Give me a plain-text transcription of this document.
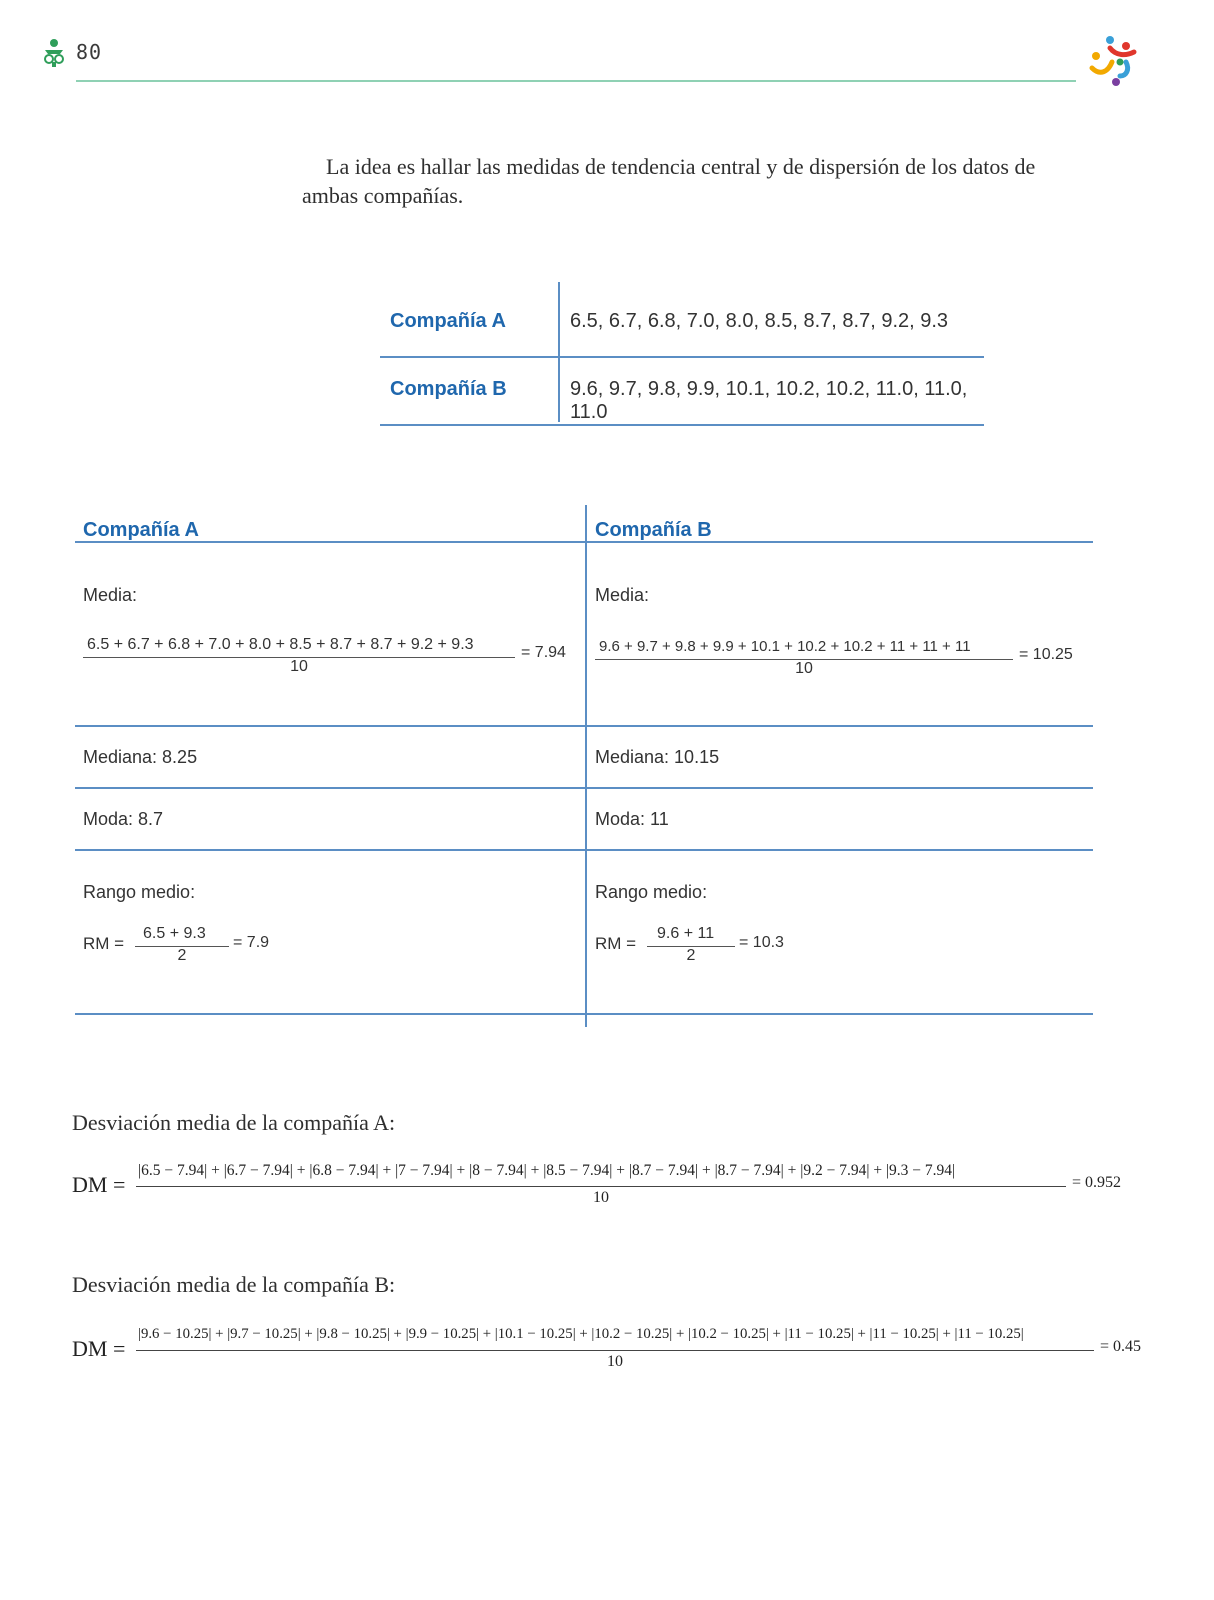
80
La idea es hallar las medidas de tendencia central y de dispersión de los datos de ambas compañías.
Compañía A	6.5, 6.7, 6.8, 7.0, 8.0, 8.5, 8.7, 8.7, 9.2, 9.3
Compañía B	9.6, 9.7, 9.8, 9.9, 10.1, 10.2, 10.2, 11.0, 11.0, 11.0
Compañía A
Media:
6.5 + 6.7 + 6.8 + 7.0 + 8.0 + 8.5 + 8.7 + 8.7 + 9.2 + 9.3
10
= 7.94
Mediana: 8.25
Moda: 8.7
Rango medio:
RM =
6.5 + 9.3
2
= 7.9
Compañía B
Media:
9.6 + 9.7 + 9.8 + 9.9 + 10.1 + 10.2 + 10.2 + 11 + 11 + 11
10
= 10.25
Mediana: 10.15
Moda: 11
Rango medio:
RM =
9.6 + 11
2
= 10.3
Desviación media de la compañía A:
DM =
|6.5 − 7.94| + |6.7 − 7.94| + |6.8 − 7.94| + |7 − 7.94| + |8 − 7.94| + |8.5 − 7.94| + |8.7 − 7.94| + |8.7 − 7.94| + |9.2 − 7.94| + |9.3 − 7.94|
10
= 0.952
Desviación media de la compañía B:
DM =
|9.6 − 10.25| + |9.7 − 10.25| + |9.8 − 10.25| + |9.9 − 10.25| + |10.1 − 10.25| + |10.2 − 10.25| + |10.2 − 10.25| + |11 − 10.25| + |11 − 10.25| + |11 − 10.25|
10
= 0.45
